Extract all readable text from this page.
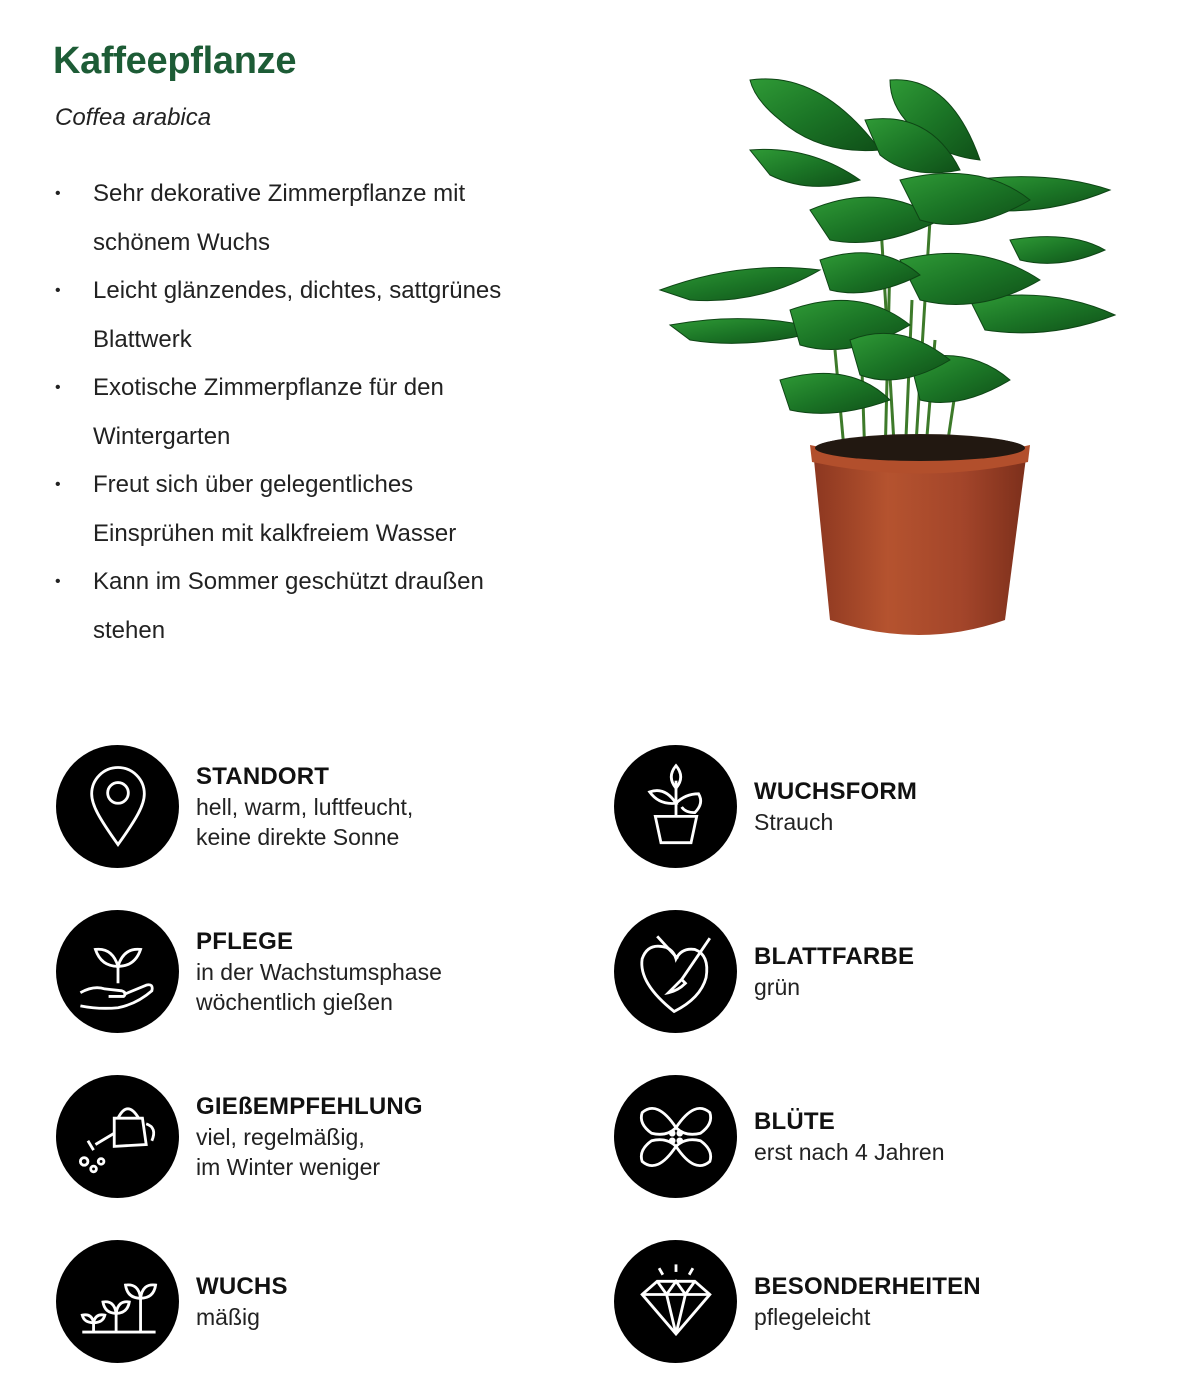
Kaffeepflanze

Coffea arabica

• Sehr dekorative Zimmerpflanze mit schönem Wuchs
• Leicht glänzendes, dichtes, sattgrünes Blattwerk
• Exotische Zimmerpflanze für den Wintergarten
• Freut sich über gelegentliches Einsprühen mit kalkfreiem Wasser
• Kann im Sommer geschützt draußen stehen
STANDORT
hell, warm, luftfeucht,
keine direkte Sonne
WUCHSFORM
Strauch
PFLEGE
in der Wachstumsphase
wöchentlich gießen
BLATTFARBE
grün
GIEßEMPFEHLUNG
viel, regelmäßig,
im Winter weniger
BLÜTE
erst nach 4 Jahren
WUCHS
mäßig
BESONDERHEITEN
pflegeleicht
